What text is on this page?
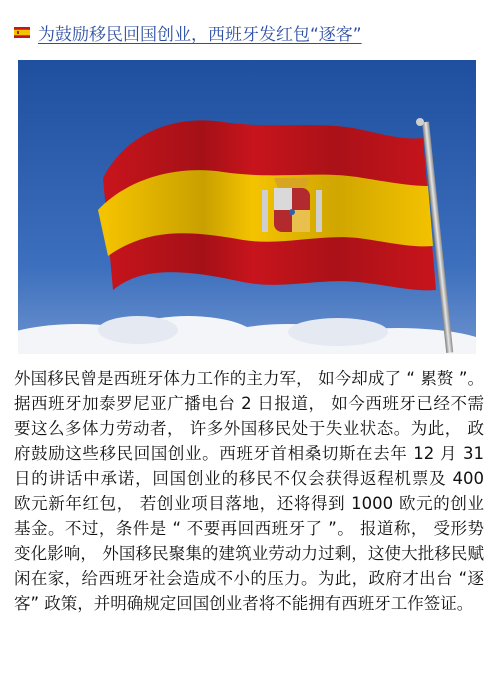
为鼓励移民回国创业，西班牙发红包“逐客”

外国移民曾是西班牙体力工作的主力军， 如今却成了 “ 累赘 ”。据西班牙加泰罗尼亚广播电台 2 日报道， 如今西班牙已经不需要这么多体力劳动者， 许多外国移民处于失业状态。为此， 政府鼓励这些移民回国创业。西班牙首相桑切斯在去年 12 月 31 日的讲话中承诺，回国创业的移民不仅会获得返程机票及 400 欧元新年红包， 若创业项目落地，还将得到 1000 欧元的创业基金。不过，条件是 “ 不要再回西班牙了 ”。 报道称， 受形势变化影响， 外国移民聚集的建筑业劳动力过剩，这使大批移民赋闲在家，给西班牙社会造成不小的压力。为此，政府才出台 “逐客” 政策，并明确规定回国创业者将不能拥有西班牙工作签证。
